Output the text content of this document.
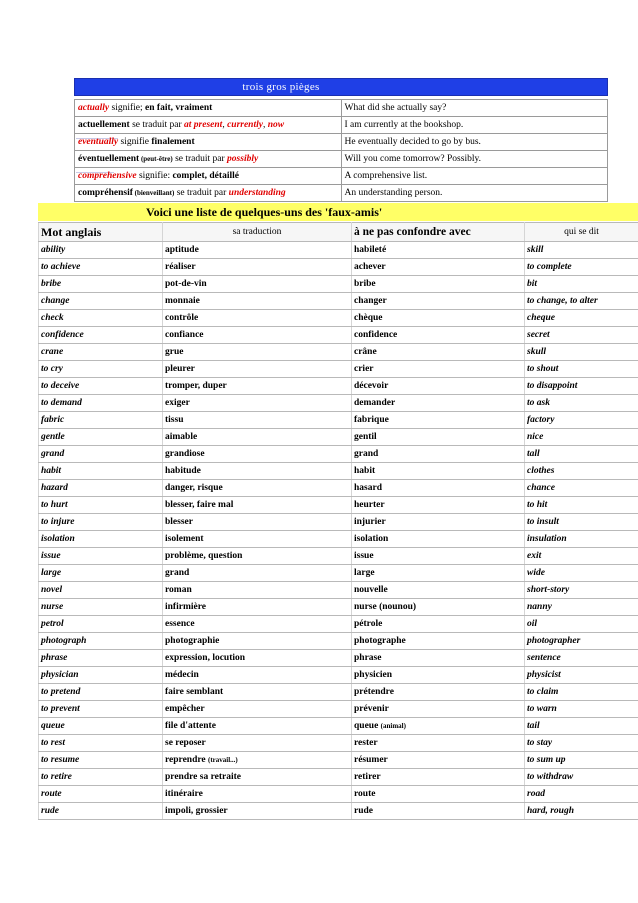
trois gros pièges	

actually signifie; en fait, vraiment	What did she actually say?
actuellement se traduit par at present, currently, now	I am currently at the bookshop.
eventually signifie finalement	He eventually decided to go by bus.
éventuellement (peut-être) se traduit par possibly	Will you come tomorrow? Possibly.
comprehensive signifie: complet, détaillé	A comprehensive list.
compréhensif (bienveillant) se traduit par understanding	An understanding person.
Voici une liste de quelques-uns des 'faux-amis'
Mot anglais	sa traduction	à ne pas confondre avec	qui se dit
ability	aptitude	habileté	skill
to achieve	réaliser	achever	to complete
bribe	pot-de-vin	bribe	bit
change	monnaie	changer	to change, to alter
check	contrôle	chèque	cheque
confidence	confiance	confidence	secret
crane	grue	crâne	skull
to cry	pleurer	crier	to shout
to deceive	tromper, duper	décevoir	to disappoint
to demand	exiger	demander	to ask
fabric	tissu	fabrique	factory
gentle	aimable	gentil	nice
grand	grandiose	grand	tall
habit	habitude	habit	clothes
hazard	danger, risque	hasard	chance
to hurt	blesser, faire mal	heurter	to hit
to injure	blesser	injurier	to insult
isolation	isolement	isolation	insulation
issue	problème, question	issue	exit
large	grand	large	wide
novel	roman	nouvelle	short-story
nurse	infirmière	nurse (nounou)	nanny
petrol	essence	pétrole	oil
photograph	photographie	photographe	photographer
phrase	expression, locution	phrase	sentence
physician	médecin	physicien	physicist
to pretend	faire semblant	prétendre	to claim
to prevent	empêcher	prévenir	to warn
queue	file d'attente	queue (animal)	tail
to rest	se reposer	rester	to stay
to resume	reprendre (travail...)	résumer	to sum up
to retire	prendre sa retraite	retirer	to withdraw
route	itinéraire	route	road
rude	impoli, grossier	rude	hard, rough
